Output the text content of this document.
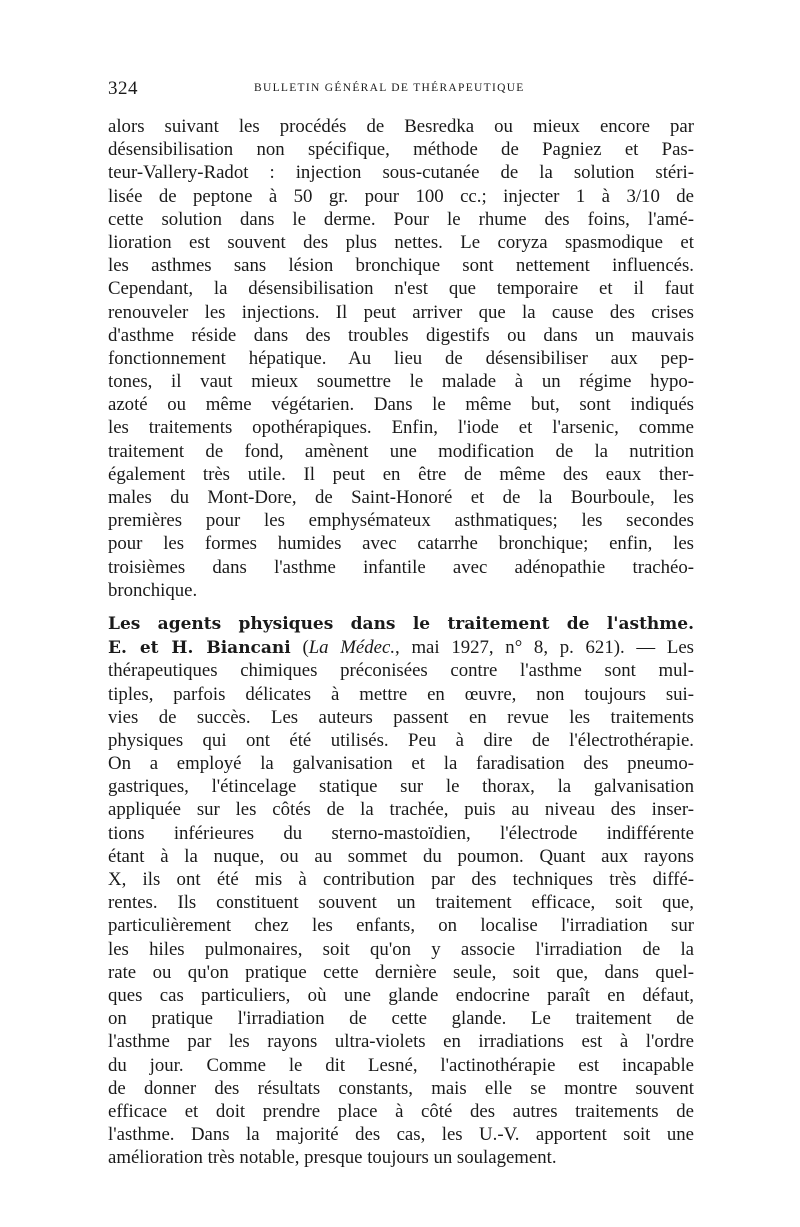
324	BULLETIN GÉNÉRAL DE THÉRAPEUTIQUE
alors suivant les procédés de Besredka ou mieux encore par
désensibilisation non spécifique, méthode de Pagniez et Pas-
teur-Vallery-Radot : injection sous-cutanée de la solution stéri-
lisée de peptone à 50 gr. pour 100 cc.; injecter 1 à 3/10 de
cette solution dans le derme. Pour le rhume des foins, l'amé-
lioration est souvent des plus nettes. Le coryza spasmodique et
les asthmes sans lésion bronchique sont nettement influencés.
Cependant, la désensibilisation n'est que temporaire et il faut
renouveler les injections. Il peut arriver que la cause des crises
d'asthme réside dans des troubles digestifs ou dans un mauvais
fonctionnement hépatique. Au lieu de désensibiliser aux pep-
tones, il vaut mieux soumettre le malade à un régime hypo-
azoté ou même végétarien. Dans le même but, sont indiqués
les traitements opothérapiques. Enfin, l'iode et l'arsenic, comme
traitement de fond, amènent une modification de la nutrition
également très utile. Il peut en être de même des eaux ther-
males du Mont-Dore, de Saint-Honoré et de la Bourboule, les
premières pour les emphysémateux asthmatiques; les secondes
pour les formes humides avec catarrhe bronchique; enfin, les
troisièmes dans l'asthme infantile avec adénopathie trachéo-
bronchique.
Les agents physiques dans le traitement de l'asthme.
E. et H. Biancani (La Médec., mai 1927, n° 8, p. 621). — Les
thérapeutiques chimiques préconisées contre l'asthme sont mul-
tiples, parfois délicates à mettre en œuvre, non toujours sui-
vies de succès. Les auteurs passent en revue les traitements
physiques qui ont été utilisés. Peu à dire de l'électrothérapie.
On a employé la galvanisation et la faradisation des pneumo-
gastriques, l'étincelage statique sur le thorax, la galvanisation
appliquée sur les côtés de la trachée, puis au niveau des inser-
tions inférieures du sterno-mastoïdien, l'électrode indifférente
étant à la nuque, ou au sommet du poumon. Quant aux rayons
X, ils ont été mis à contribution par des techniques très diffé-
rentes. Ils constituent souvent un traitement efficace, soit que,
particulièrement chez les enfants, on localise l'irradiation sur
les hiles pulmonaires, soit qu'on y associe l'irradiation de la
rate ou qu'on pratique cette dernière seule, soit que, dans quel-
ques cas particuliers, où une glande endocrine paraît en défaut,
on pratique l'irradiation de cette glande. Le traitement de
l'asthme par les rayons ultra-violets en irradiations est à l'ordre
du jour. Comme le dit Lesné, l'actinothérapie est incapable
de donner des résultats constants, mais elle se montre souvent
efficace et doit prendre place à côté des autres traitements de
l'asthme. Dans la majorité des cas, les U.-V. apportent soit une
amélioration très notable, presque toujours un soulagement.
